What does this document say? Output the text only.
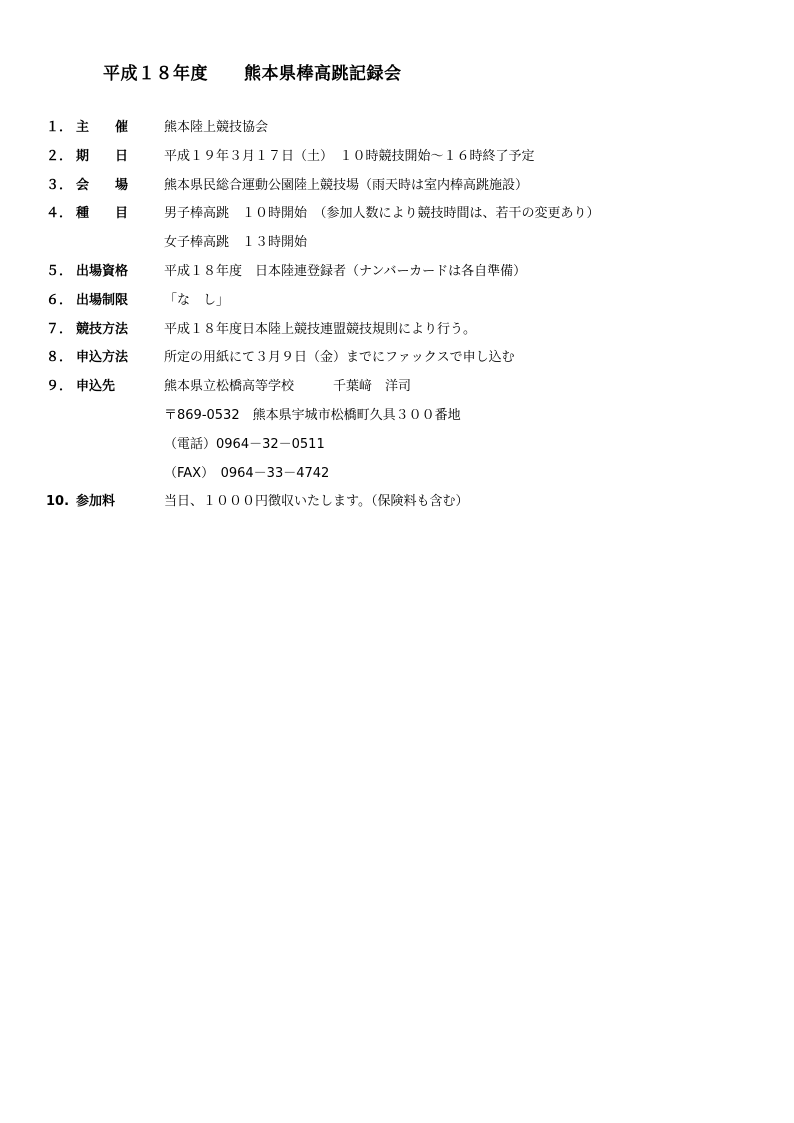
平成１８年度 熊本県棒高跳記録会

１． 主　　催

	熊本陸上競技協会

２． 期　　日

	平成１９年３月１７日（土）　１０時競技開始～１６時終了予定

３． 会　　場

	熊本県民総合運動公園陸上競技場（雨天時は室内棒高跳施設）

４． 種　　目

	男子棒高跳　１０時開始　（参加人数により競技時間は、若干の変更あり）

女子棒高跳　１３時開始

５． 出場資格

	平成１８年度　日本陸連登録者（ナンバーカードは各自準備）

６． 出場制限

	「な　し」

７． 競技方法

	平成１８年度日本陸上競技連盟競技規則により行う。

８． 申込方法

	所定の用紙にて３月９日（金）までにファックスで申し込む

９． 申込先

	熊本県立松橋高等学校　　　千葉﨑　洋司

〒869-0532　熊本県宇城市松橋町久具３００番地

（電話）0964－32－0511

（FAX）　0964－33－4742

10. 参加料

	当日、１０００円徴収いたします。（保険料も含む）
